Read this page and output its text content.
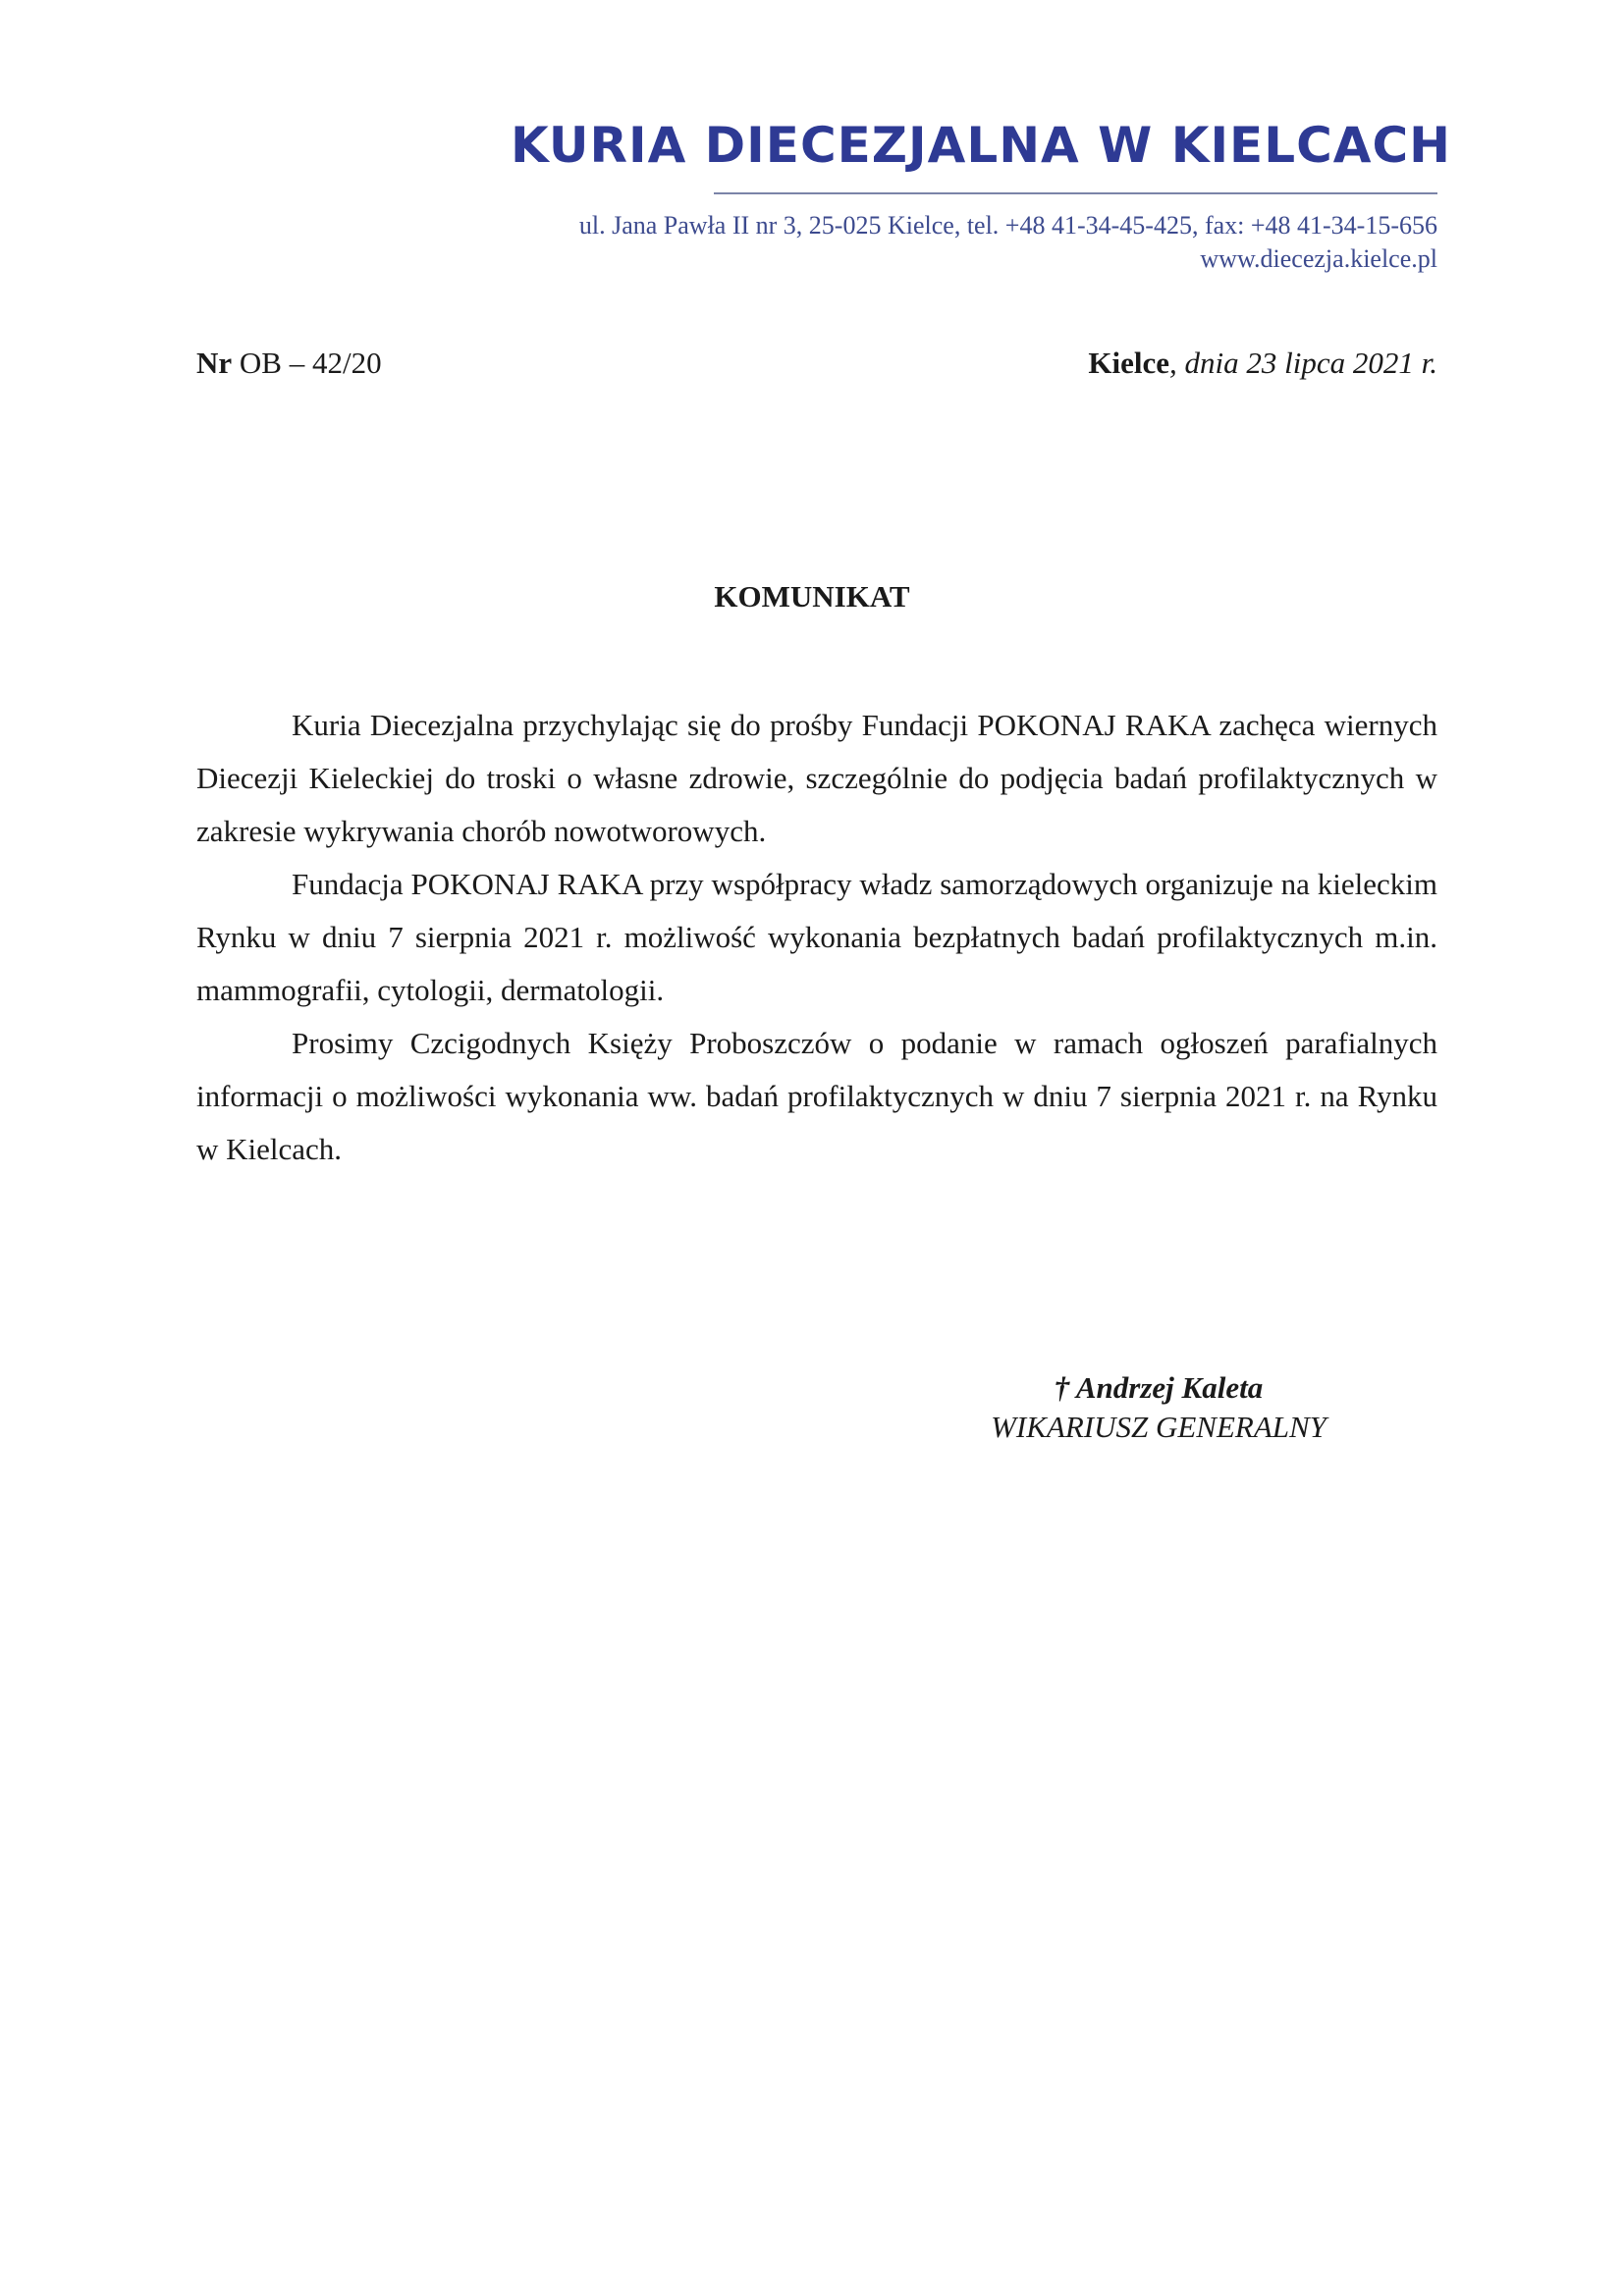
KURIA DIECEZJALNA W KIELCACH
ul. Jana Pawła II nr 3, 25-025 Kielce, tel. +48 41-34-45-425, fax: +48 41-34-15-656
www.diecezja.kielce.pl
Nr OB – 42/20	Kielce, dnia 23 lipca 2021 r.
KOMUNIKAT

Kuria Diecezjalna przychylając się do prośby Fundacji POKONAJ RAKA zachęca wiernych Diecezji Kieleckiej do troski o własne zdrowie, szczególnie do podjęcia badań profilaktycznych w zakresie wykrywania chorób nowotworowych.

Fundacja POKONAJ RAKA przy współpracy władz samorządowych organizuje na kieleckim Rynku w dniu 7 sierpnia 2021 r. możliwość wykonania bezpłatnych badań profilaktycznych m.in. mammografii, cytologii, dermatologii.

Prosimy Czcigodnych Księży Proboszczów o podanie w ramach ogłoszeń parafialnych informacji o możliwości wykonania ww. badań profilaktycznych w dniu 7 sierpnia 2021 r. na Rynku w Kielcach.

† Andrzej Kaleta
WIKARIUSZ GENERALNY
